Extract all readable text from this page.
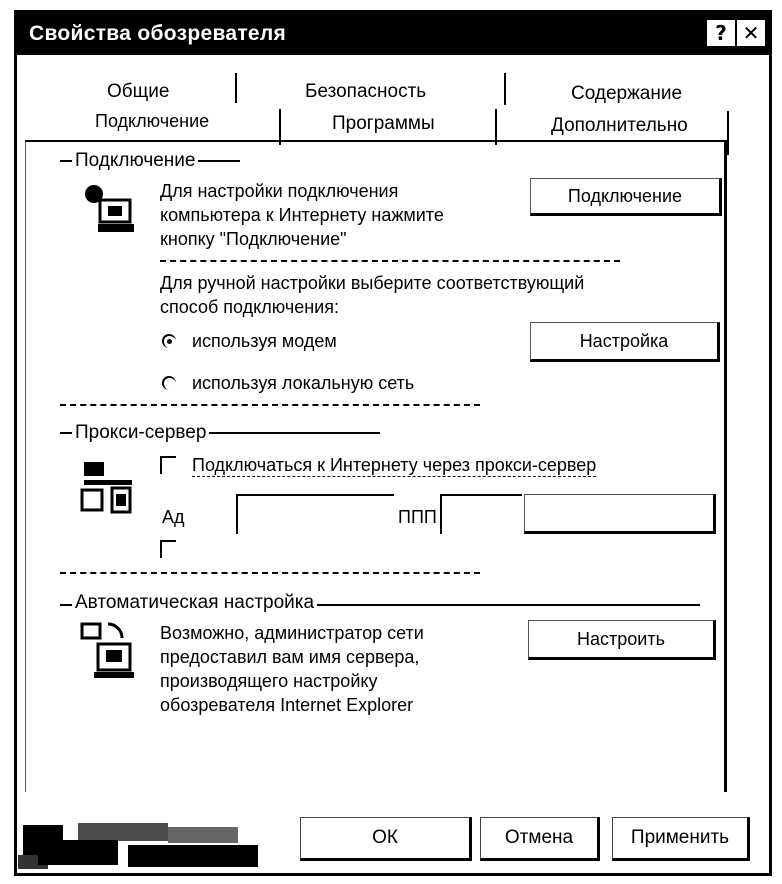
Свойства обозревателя	? ✕
Общие	Безопасность	Содержание
Подключение	Программы	Дополнительно
Подключение
Для настройки подключения
компьютера к Интернету нажмите
кнопку "Подключение"
Подключение
Для ручной настройки выберите соответствующий
способ подключения:
используя модем	Настройка
используя локальную сеть
Прокси-сервер
Подключаться к Интернету через прокси-сервер
Ад	ППП
Автоматическая настройка
Возможно, администратор сети
предоставил вам имя сервера,
производящего настройку
обозревателя Internet Explorer
Настроить
ОК	Отмена	Применить
